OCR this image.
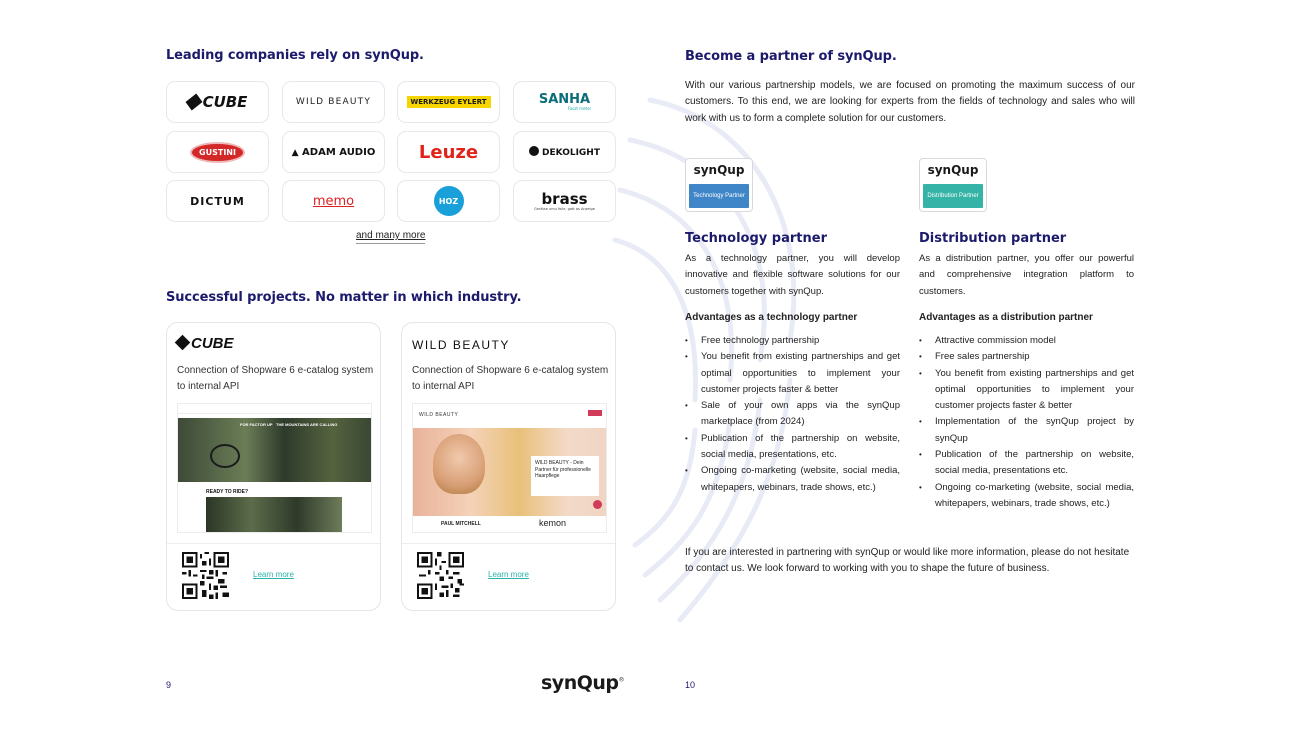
Leading companies rely on synQup.
CUBE	WILD BEAUTY	WERKZEUG EYLERT	SANHA
Faszt meter
GUSTINI	▲ ADAM AUDIO Leuze	DEKOLIGHT
DICTUM	memo	HOZ	brass
Gerätse umu folie, gatt as Anzeige
and many more
Successful projects. No matter in which industry.
CUBE
Connection of Shopware 6 e-catalog system to internal API
FOR FACTOR UP THE MOUNTAINS ARE CALLING
READY TO RIDE?
Learn more
WILD BEAUTY
Connection of Shopware 6 e-catalog system to internal API
WILD BEAUTY
WILD BEAUTY - Dein Partner für professionelle Haarpflege
PAUL MITCHELL	kemon
Learn more
9	synQup®
Become a partner of synQup.

With our various partnership models, we are focused on promoting the maximum success of our customers. To this end, we are looking for experts from the fields of technology and sales who will work with us to form a complete solution for our customers.

synQup
Technology Partner
Technology partner

As a technology partner, you will develop innovative and flexible software solutions for our customers together with synQup.

Advantages as a technology partner
• Free technology partnership
• You benefit from existing partnerships and get optimal opportunities to implement your customer projects faster & better
• Sale of your own apps via the synQup marketplace (from 2024)
• Publication of the partnership on website, social media, presentations, etc.
• Ongoing co-marketing (website, social media, whitepapers, webinars, trade shows, etc.)
synQup
Distribution Partner
Distribution partner

As a distribution partner, you offer our powerful and comprehensive integration platform to customers.

Advantages as a distribution partner
• Attractive commission model
• Free sales partnership
• You benefit from existing partnerships and get optimal opportunities to implement your customer projects faster & better
• Implementation of the synQup project by synQup
• Publication of the partnership on website, social media, presentations etc.
• Ongoing co-marketing (website, social media, whitepapers, webinars, trade shows, etc.)

If you are interested in partnering with synQup or would like more information, please do not hesitate to contact us. We look forward to working with you to shape the future of business.

10
